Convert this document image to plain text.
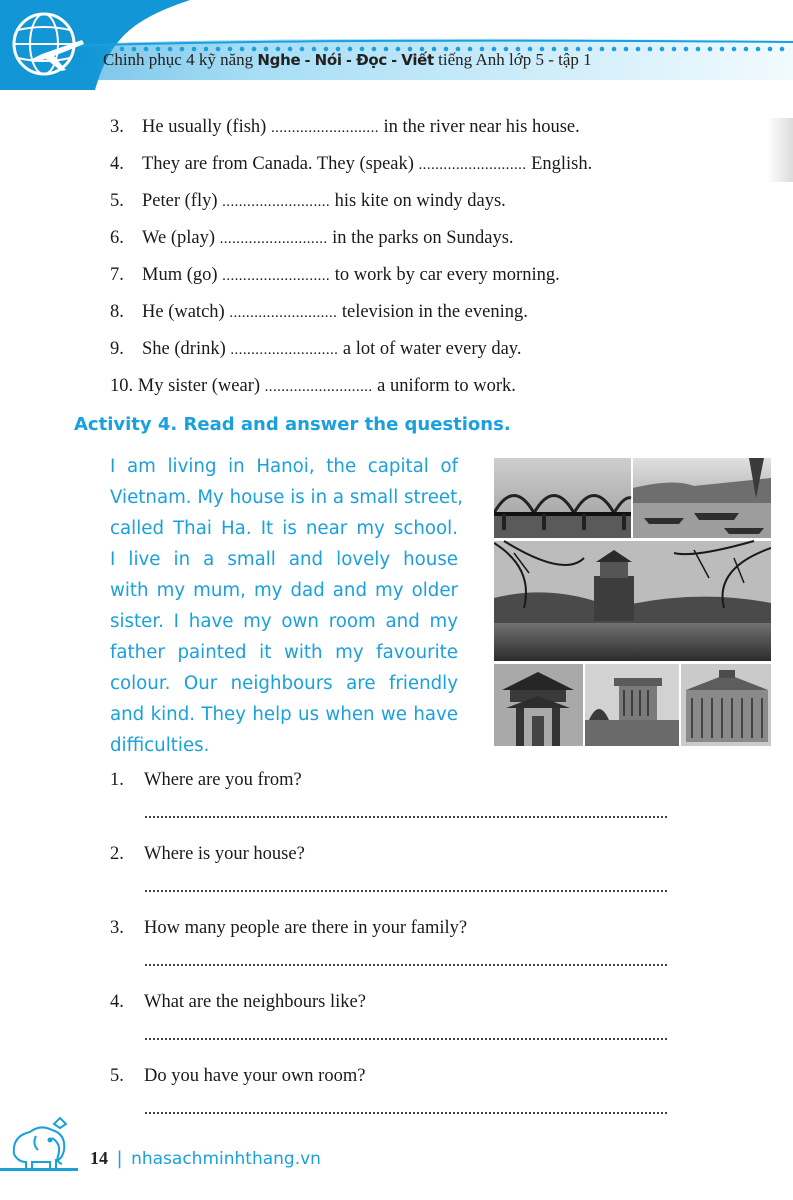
Chinh phục 4 kỹ năng Nghe - Nói - Đọc - Viết tiếng Anh lớp 5 - tập 1
3. He usually (fish) .......................... in the river near his house.
4. They are from Canada. They (speak) .......................... English.
5. Peter (fly) .......................... his kite on windy days.
6. We (play) .......................... in the parks on Sundays.
7. Mum (go) .......................... to work by car every morning.
8. He (watch) .......................... television in the evening.
9. She (drink) .......................... a lot of water every day.
10. My sister (wear) .......................... a uniform to work.
Activity 4. Read and answer the questions.
I am living in Hanoi, the capital of
Vietnam. My house is in a small street,
called Thai Ha. It is near my school.
I live in a small and lovely house
with my mum, my dad and my older
sister. I have my own room and my
father painted it with my favourite
colour. Our neighbours are friendly
and kind. They help us when we have
difficulties.
1. Where are you from?
2. Where is your house?
3. How many people are there in your family?
4. What are the neighbours like?
5. Do you have your own room?
14 | nhasachminhthang.vn
